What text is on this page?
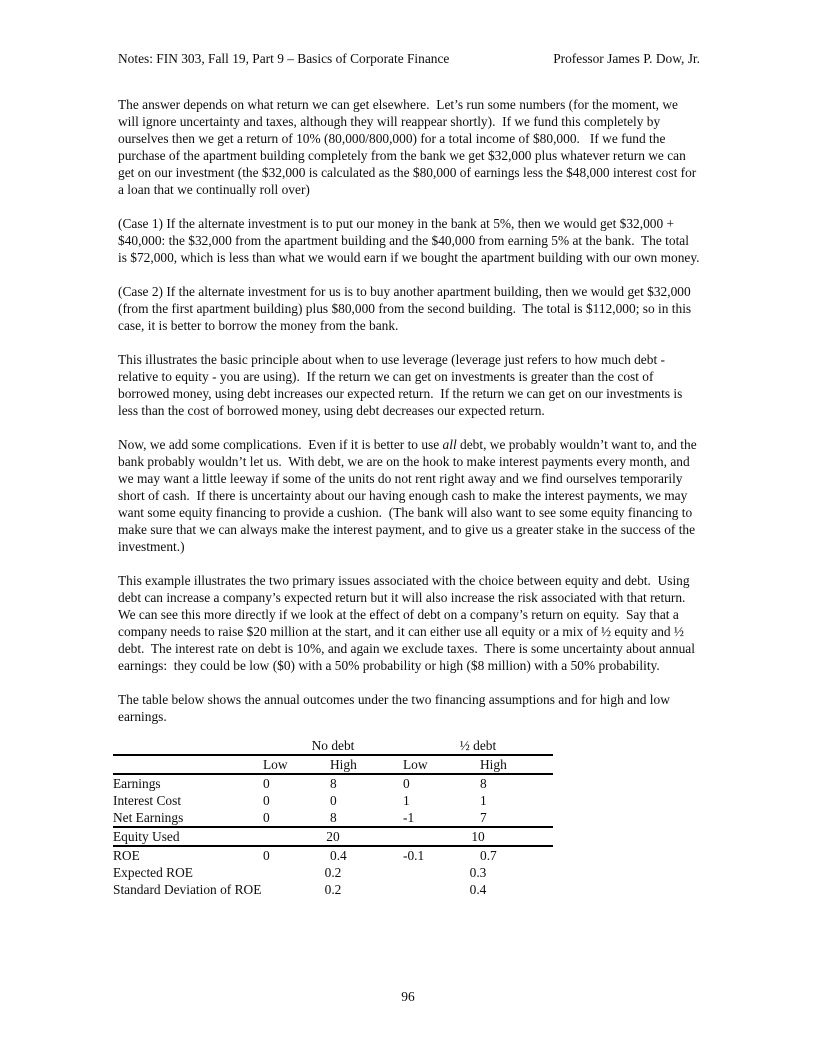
Notes: FIN 303, Fall 19, Part 9 – Basics of Corporate Finance	Professor James P. Dow, Jr.

The answer depends on what return we can get elsewhere.  Let’s run some numbers (for the moment, we will ignore uncertainty and taxes, although they will reappear shortly).  If we fund this completely by ourselves then we get a return of 10% (80,000/800,000) for a total income of $80,000.   If we fund the purchase of the apartment building completely from the bank we get $32,000 plus whatever return we can get on our investment (the $32,000 is calculated as the $80,000 of earnings less the $48,000 interest cost for a loan that we continually roll over)

(Case 1) If the alternate investment is to put our money in the bank at 5%, then we would get $32,000 + $40,000: the $32,000 from the apartment building and the $40,000 from earning 5% at the bank.  The total is $72,000, which is less than what we would earn if we bought the apartment building with our own money.

(Case 2) If the alternate investment for us is to buy another apartment building, then we would get $32,000 (from the first apartment building) plus $80,000 from the second building.  The total is $112,000; so in this case, it is better to borrow the money from the bank.

This illustrates the basic principle about when to use leverage (leverage just refers to how much debt - relative to equity - you are using).  If the return we can get on investments is greater than the cost of borrowed money, using debt increases our expected return.  If the return we can get on our investments is less than the cost of borrowed money, using debt decreases our expected return.

Now, we add some complications.  Even if it is better to use all debt, we probably wouldn’t want to, and the bank probably wouldn’t let us.  With debt, we are on the hook to make interest payments every month, and we may want a little leeway if some of the units do not rent right away and we find ourselves temporarily short of cash.  If there is uncertainty about our having enough cash to make the interest payments, we may want some equity financing to provide a cushion.  (The bank will also want to see some equity financing to make sure that we can always make the interest payment, and to give us a greater stake in the success of the investment.)

This example illustrates the two primary issues associated with the choice between equity and debt.  Using debt can increase a company’s expected return but it will also increase the risk associated with that return.  We can see this more directly if we look at the effect of debt on a company’s return on equity.  Say that a company needs to raise $20 million at the start, and it can either use all equity or a mix of ½ equity and ½ debt.  The interest rate on debt is 10%, and again we exclude taxes.  There is some uncertainty about annual earnings:  they could be low ($0) with a 50% probability or high ($8 million) with a 50% probability.

The table below shows the annual outcomes under the two financing assumptions and for high and low earnings.

	No debt		½ debt	
	Low	High	Low	High
Earnings	0	8	0	8
Interest Cost	0	0	1	1
Net Earnings	0	8	-1	7
Equity Used	20		10	
ROE	0	0.4	-0.1	0.7
Expected ROE	0.2		0.3	
Standard Deviation of ROE	0.2		0.4	
96
